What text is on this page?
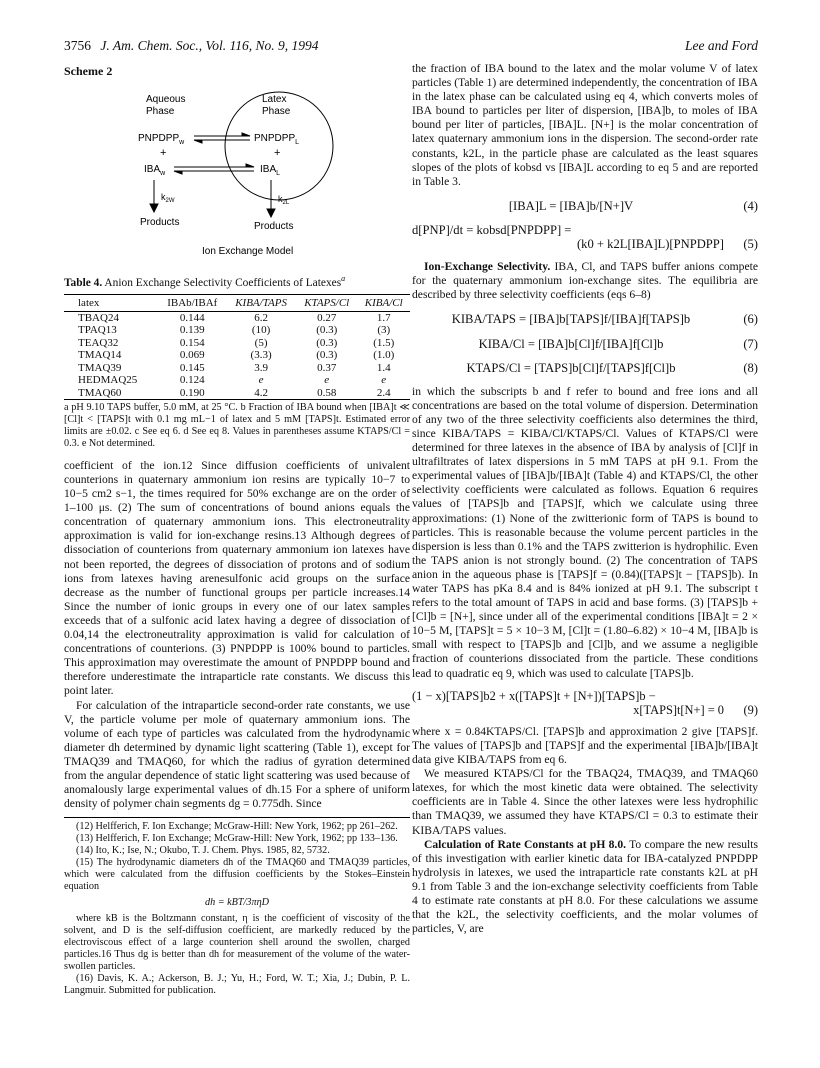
3756 J. Am. Chem. Soc., Vol. 116, No. 9, 1994	Lee and Ford
Scheme 2
Aqueous
Phase
Latex
Phase
$PNPDPP_w$
+
$IBA_w$
$PNPDPP_L$
+
$IBA_L$
$k_{2W}$	$k_{2L}$
Products	Products
Ion Exchange Model
Table 4. Anion Exchange Selectivity Coefficients of Latexes$^a$
latex	IBAb/IBAf	KIBA/TAPS	KTAPS/Cl	KIBA/Cl
TBAQ24	0.144	6.2	0.27	1.7
TPAQ13	0.139	(10)	(0.3)	(3)
TEAQ32	0.154	(5)	(0.3)	(1.5)
TMAQ14	0.069	(3.3)	(0.3)	(1.0)
TMAQ39	0.145	3.9	0.37	1.4
HEDMAQ25	0.124	e	e	e
TMAQ60	0.190	4.2	0.58	2.4
a pH 9.10 TAPS buffer, 5.0 mM, at 25 °C. b Fraction of IBA bound when [IBA]t ≪ [Cl]t < [TAPS]t with 0.1 mg mL−1 of latex and 5 mM [TAPS]t. Estimated error limits are ±0.02. c See eq 6. d See eq 8. Values in parentheses assume KTAPS/Cl = 0.3. e Not determined.

coefficient of the ion.12 Since diffusion coefficients of univalent counterions in quaternary ammonium ion resins are typically 10−7 to 10−5 cm2 s−1, the times required for 50% exchange are on the order of 1–100 μs. (2) The sum of concentrations of bound anions equals the concentration of quaternary ammonium ions. This electroneutrality approximation is valid for ion-exchange resins.13 Although degrees of dissociation of counterions from quaternary ammonium ion latexes have not been reported, the degrees of dissociation of protons and of sodium ions from latexes having arenesulfonic acid groups on the surface decrease as the number of functional groups per particle increases.14 Since the number of ionic groups in every one of our latex samples exceeds that of a sulfonic acid latex having a degree of dissociation of 0.04,14 the electroneutrality approximation is valid for calculation of concentrations of counterions. (3) PNPDPP is 100% bound to particles. This approximation may overestimate the amount of PNPDPP bound and therefore underestimate the intraparticle rate constants. We discuss this point later.

For calculation of the intraparticle second-order rate constants, we use V, the particle volume per mole of quaternary ammonium ions. The volume of each type of particles was calculated from the hydrodynamic diameter dh determined by dynamic light scattering (Table 1), except for TMAQ39 and TMAQ60, for which the radius of gyration determined from the angular dependence of static light scattering was used because of anomalously large experimental values of dh.15 For a sphere of uniform density of polymer chain segments dg = 0.775dh. Since

(12) Helfferich, F. Ion Exchange; McGraw-Hill: New York, 1962; pp 261–262.

(13) Helfferich, F. Ion Exchange; McGraw-Hill: New York, 1962; pp 133–136.

(14) Ito, K.; Ise, N.; Okubo, T. J. Chem. Phys. 1985, 82, 5732.

(15) The hydrodynamic diameters dh of the TMAQ60 and TMAQ39 particles, which were calculated from the diffusion coefficients by the Stokes–Einstein equation

dh = kBT/3πηD

where kB is the Boltzmann constant, η is the coefficient of viscosity of the solvent, and D is the self-diffusion coefficient, are markedly reduced by the electroviscous effect of a large counterion shell around the swollen, charged particles.16 Thus dg is better than dh for measurement of the volume of the water-swollen particles.

(16) Davis, K. A.; Ackerson, B. J.; Yu, H.; Ford, W. T.; Xia, J.; Dubin, P. L. Langmuir. Submitted for publication.

the fraction of IBA bound to the latex and the molar volume V of latex particles (Table 1) are determined independently, the concentration of IBA in the latex phase can be calculated using eq 4, which converts moles of IBA bound to particles per liter of dispersion, [IBA]b, to moles of IBA bound per liter of particles, [IBA]L. [N+] is the molar concentration of latex quaternary ammonium ions in the dispersion. The second-order rate constants, k2L, in the particle phase are calculated as the least squares slopes of the plots of kobsd vs [IBA]L according to eq 5 and are reported in Table 3.

[IBA]L = [IBA]b/[N+]V	(4)
d[PNP]/dt = kobsd[PNPDPP] =
(k0 + k2L[IBA]L)[PNPDPP]	(5)

Ion-Exchange Selectivity. IBA, Cl, and TAPS buffer anions compete for the quaternary ammonium ion-exchange sites. The equilibria are described by three selectivity coefficients (eqs 6–8)

KIBA/TAPS = [IBA]b[TAPS]f/[IBA]f[TAPS]b	(6)
KIBA/Cl = [IBA]b[Cl]f/[IBA]f[Cl]b	(7)
KTAPS/Cl = [TAPS]b[Cl]f/[TAPS]f[Cl]b	(8)

in which the subscripts b and f refer to bound and free ions and all concentrations are based on the total volume of dispersion. Determination of any two of the three selectivity coefficients also determines the third, since KIBA/TAPS = KIBA/Cl/KTAPS/Cl. Values of KTAPS/Cl were determined for three latexes in the absence of IBA by analysis of [Cl]f in ultrafiltrates of latex dispersions in 5 mM TAPS at pH 9.1. From the experimental values of [IBA]b/[IBA]t (Table 4) and KTAPS/Cl, the other selectivity coefficients were calculated as follows. Equation 6 requires values of [TAPS]b and [TAPS]f, which we calculate using three approximations: (1) None of the zwitterionic form of TAPS is bound to particles. This is reasonable because the volume percent particles in the dispersion is less than 0.1% and the TAPS zwitterion is hydrophilic. Even the TAPS anion is not strongly bound. (2) The concentration of TAPS anion in the aqueous phase is [TAPS]f = (0.84)([TAPS]t − [TAPS]b). In water TAPS has pKa 8.4 and is 84% ionized at pH 9.1. The subscript t refers to the total amount of TAPS in acid and base forms. (3) [TAPS]b + [Cl]b = [N+], since under all of the experimental conditions [IBA]t = 2 × 10−5 M, [TAPS]t = 5 × 10−3 M, [Cl]t = (1.80–6.82) × 10−4 M, [IBA]b is small with respect to [TAPS]b and [Cl]b, and we assume a negligible fraction of counterions dissociated from the particle. These conditions lead to quadratic eq 9, which was used to calculate [TAPS]b.

(1 − x)[TAPS]b2 + x([TAPS]t + [N+])[TAPS]b −
x[TAPS]t[N+] = 0	(9)

where x = 0.84KTAPS/Cl. [TAPS]b and approximation 2 give [TAPS]f. The values of [TAPS]b and [TAPS]f and the experimental [IBA]b/[IBA]t data give KIBA/TAPS from eq 6.

We measured KTAPS/Cl for the TBAQ24, TMAQ39, and TMAQ60 latexes, for which the most kinetic data were obtained. The selectivity coefficients are in Table 4. Since the other latexes were less hydrophilic than TMAQ39, we assumed they have KTAPS/Cl = 0.3 to estimate their KIBA/TAPS values.

Calculation of Rate Constants at pH 8.0. To compare the new results of this investigation with earlier kinetic data for IBA-catalyzed PNPDPP hydrolysis in latexes, we used the intraparticle rate constants k2L at pH 9.1 from Table 3 and the ion-exchange selectivity coefficients from Table 4 to estimate rate constants at pH 8.0. For these calculations we assume that the k2L, the selectivity coefficients, and the molar volumes of particles, V, are
